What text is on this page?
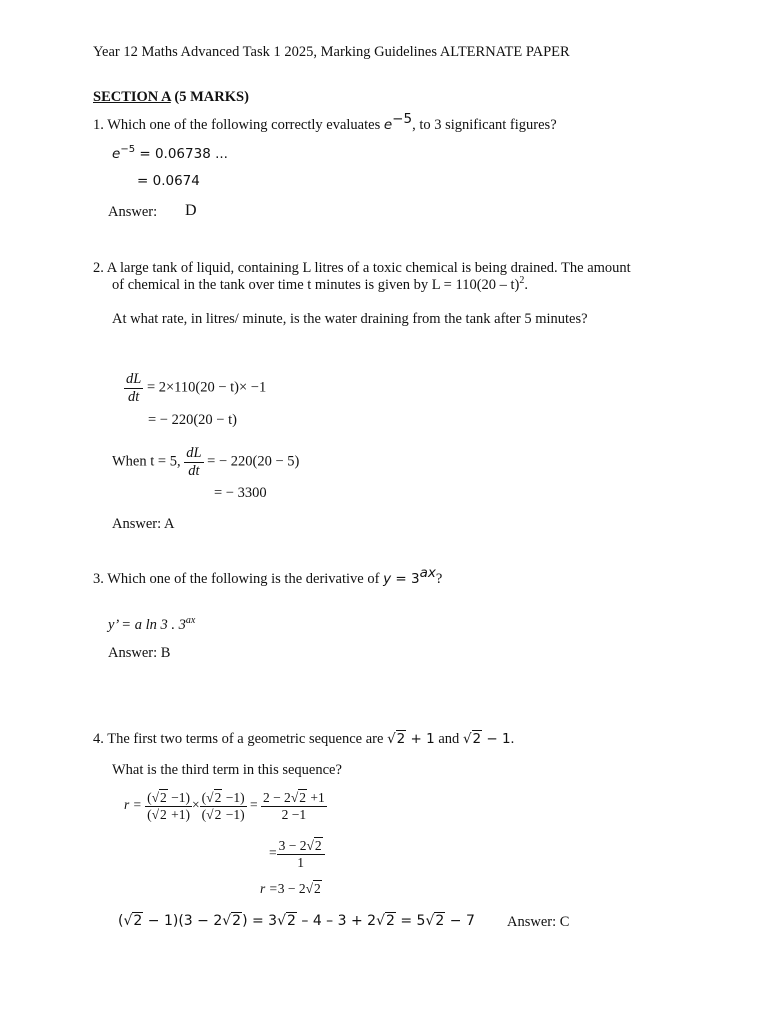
Year 12 Maths Advanced Task 1 2025, Marking Guidelines ALTERNATE PAPER
SECTION A (5 MARKS)
1. Which one of the following correctly evaluates $e^{-5}$, to 3 significant figures?
$e^{-5} = 0.06738$ ...
= 0.0674
Answer: D
2. A large tank of liquid, containing L litres of a toxic chemical is being drained. The amount
of chemical in the tank over time t minutes is given by L = 110(20 – t)$^2$.
At what rate, in litres/ minute, is the water draining from the tank after 5 minutes?
$\frac{dL}{dt} = 2\times 110(20 - t)\times -1$
= − 220(20 − t)
When t = 5, $\frac{dL}{dt}$ = − 220(20 − 5)
= − 3300
Answer: A
3. Which one of the following is the derivative of $y = 3^{ax}$?
y’ = a ln 3 . $3^{ax}$
Answer: B
4. The first two terms of a geometric sequence are √2 + 1 and √2 − 1.
What is the third term in this sequence?
$r = \frac{(√2 -1)}{(√2 +1)} \times \frac{(√2 -1)}{(√2 -1)} = \frac{2 - 2√2 +1}{2 -1}$
= $\frac{3 - 2√2}{1}$
r =3 − 2√2
(√2 − 1)(3 − 2√2) = 3√2 – 4 – 3 + 2√2 = 5√2 − 7 Answer: C
